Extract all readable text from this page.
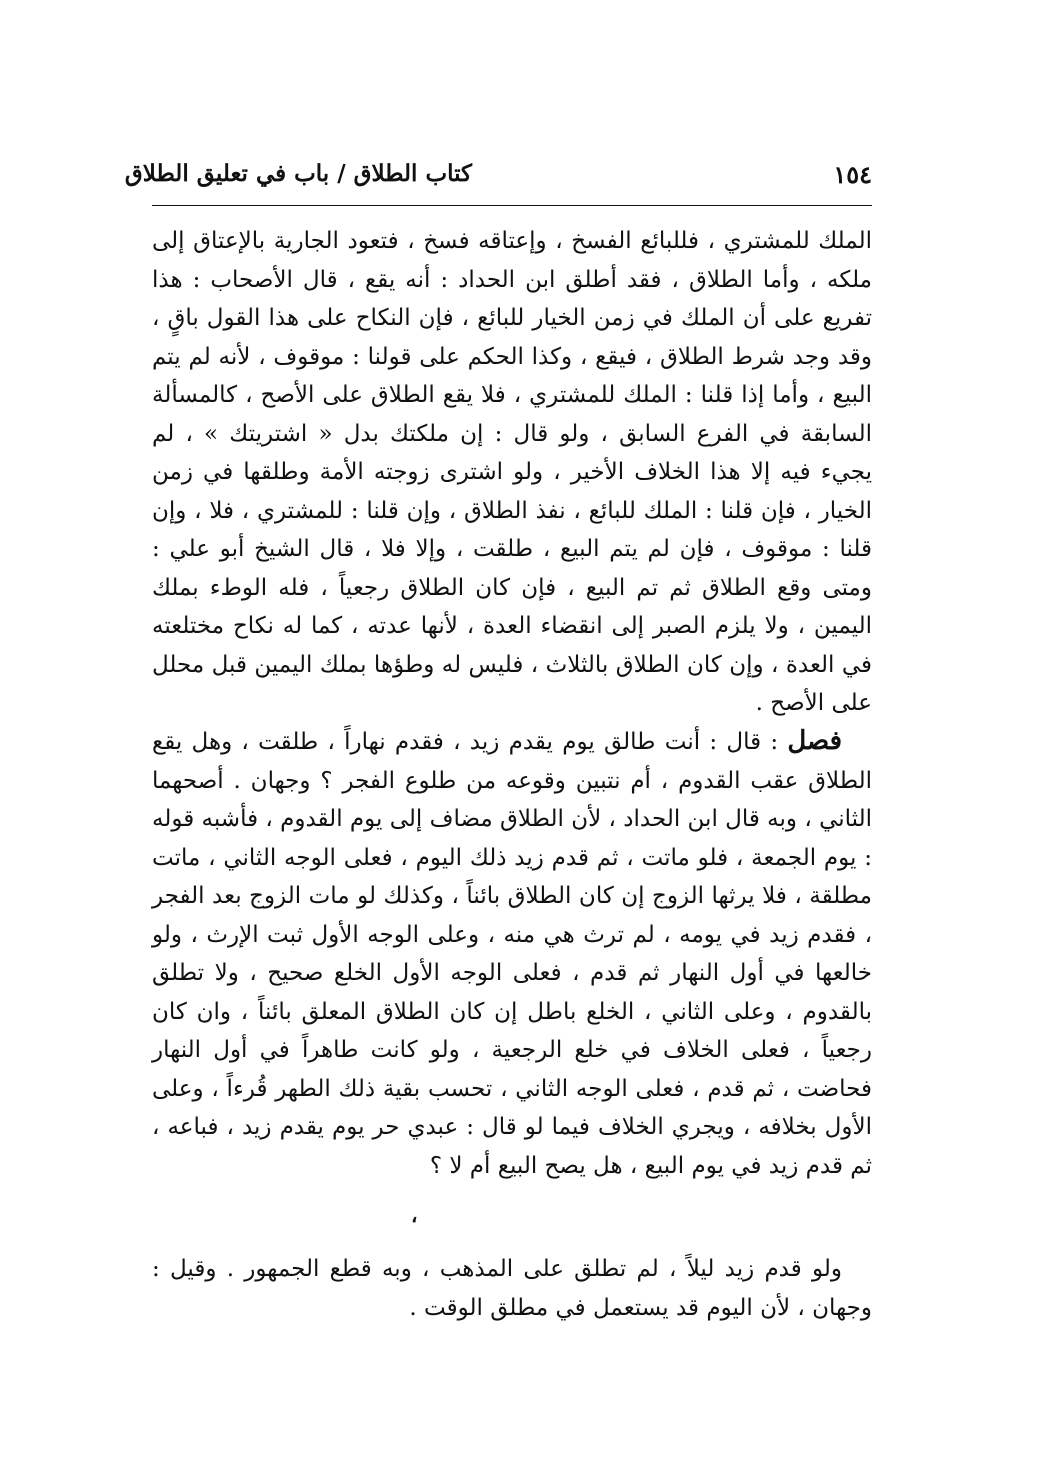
كتاب الطلاق / باب في تعليق الطلاق	١٥٤
الملك للمشتري ، فللبائع الفسخ ، وإعتاقه فسخ ، فتعود الجارية بالإعتاق إلى ملكه ، وأما الطلاق ، فقد أطلق ابن الحداد : أنه يقع ، قال الأصحاب : هذا تفريع على أن الملك في زمن الخيار للبائع ، فإن النكاح على هذا القول باقٍ ، وقد وجد شرط الطلاق ، فيقع ، وكذا الحكم على قولنا : موقوف ، لأنه لم يتم البيع ، وأما إذا قلنا : الملك للمشتري ، فلا يقع الطلاق على الأصح ، كالمسألة السابقة في الفرع السابق ، ولو قال : إن ملكتك بدل « اشتريتك » ، لم يجيء فيه إلا هذا الخلاف الأخير ، ولو اشترى زوجته الأمة وطلقها في زمن الخيار ، فإن قلنا : الملك للبائع ، نفذ الطلاق ، وإن قلنا : للمشتري ، فلا ، وإن قلنا : موقوف ، فإن لم يتم البيع ، طلقت ، وإلا فلا ، قال الشيخ أبو علي : ومتى وقع الطلاق ثم تم البيع ، فإن كان الطلاق رجعياً ، فله الوطء بملك اليمين ، ولا يلزم الصبر إلى انقضاء العدة ، لأنها عدته ، كما له نكاح مختلعته في العدة ، وإن كان الطلاق بالثلاث ، فليس له وطؤها بملك اليمين قبل محلل على الأصح .
فصل : قال : أنت طالق يوم يقدم زيد ، فقدم نهاراً ، طلقت ، وهل يقع الطلاق عقب القدوم ، أم نتبين وقوعه من طلوع الفجر ؟ وجهان . أصحهما الثاني ، وبه قال ابن الحداد ، لأن الطلاق مضاف إلى يوم القدوم ، فأشبه قوله : يوم الجمعة ، فلو ماتت ، ثم قدم زيد ذلك اليوم ، فعلى الوجه الثاني ، ماتت مطلقة ، فلا يرثها الزوج إن كان الطلاق بائناً ، وكذلك لو مات الزوج بعد الفجر ، فقدم زيد في يومه ، لم ترث هي منه ، وعلى الوجه الأول ثبت الإرث ، ولو خالعها في أول النهار ثم قدم ، فعلى الوجه الأول الخلع صحيح ، ولا تطلق بالقدوم ، وعلى الثاني ، الخلع باطل إن كان الطلاق المعلق بائناً ، وان كان رجعياً ، فعلى الخلاف في خلع الرجعية ، ولو كانت طاهراً في أول النهار فحاضت ، ثم قدم ، فعلى الوجه الثاني ، تحسب بقية ذلك الطهر قُرءاً ، وعلى الأول بخلافه ، ويجري الخلاف فيما لو قال : عبدي حر يوم يقدم زيد ، فباعه ، ثم قدم زيد في يوم البيع ، هل يصح البيع أم لا ؟
،
ولو قدم زيد ليلاً ، لم تطلق على المذهب ، وبه قطع الجمهور . وقيل : وجهان ، لأن اليوم قد يستعمل في مطلق الوقت .
